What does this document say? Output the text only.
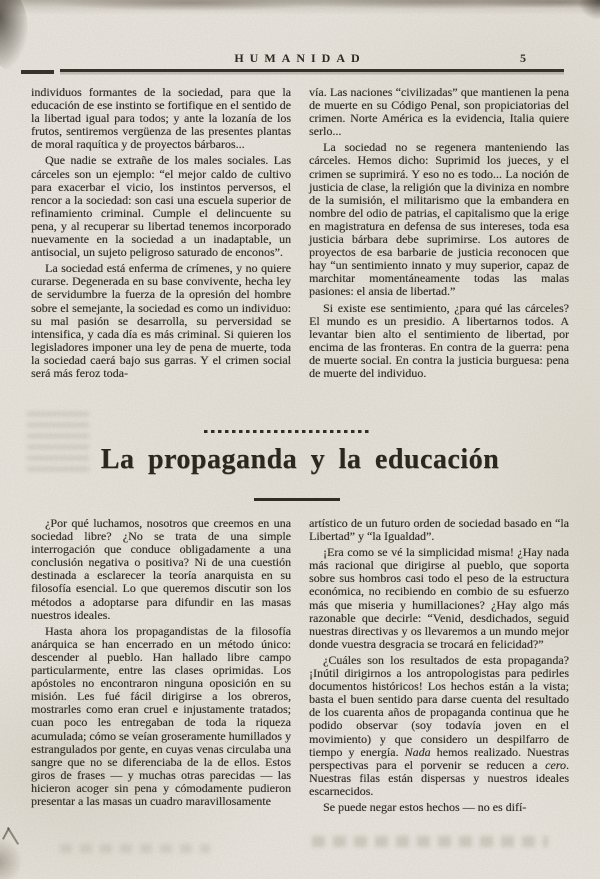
HUMANIDAD	5

individuos formantes de la sociedad, para que la educación de ese instinto se fortifique en el sentido de la libertad igual para todos; y ante la lozanía de los frutos, sentiremos vergüenza de las presentes plantas de moral raquítica y de proyectos bárbaros...

Que nadie se extrañe de los males sociales. Las cárceles son un ejemplo: “el mejor caldo de cultivo para exacerbar el vicio, los instintos perversos, el rencor a la sociedad: son casi una escuela superior de refinamiento criminal. Cumple el delincuente su pena, y al recuperar su libertad tenemos incorporado nuevamente en la sociedad a un inadaptable, un antisocial, un sujeto peligroso saturado de enconos”.

La sociedad está enferma de crímenes, y no quiere curarse. Degenerada en su base convivente, hecha ley de servidumbre la fuerza de la opresión del hombre sobre el semejante, la sociedad es como un individuo: su mal pasión se desarrolla, su perversidad se intensifica, y cada día es más criminal. Si quieren los legisladores imponer una ley de pena de muerte, toda la sociedad caerá bajo sus garras. Y el crimen social será más feroz toda-

vía. Las naciones “civilizadas” que mantienen la pena de muerte en su Código Penal, son propiciatorias del crimen. Norte América es la evidencia, Italia quiere serlo...

La sociedad no se regenera manteniendo las cárceles. Hemos dicho: Suprimid los jueces, y el crimen se suprimirá. Y eso no es todo... La noción de justicia de clase, la religión que la diviniza en nombre de la sumisión, el militarismo que la embandera en nombre del odio de patrias, el capitalismo que la erige en magistratura en defensa de sus intereses, toda esa justicia bárbara debe suprimirse. Los autores de proyectos de esa barbarie de justicia reconocen que hay “un sentimiento innato y muy superior, capaz de marchitar momentáneamente todas las malas pasiones: el ansia de libertad.”

Si existe ese sentimiento, ¿para qué las cárceles? El mundo es un presidio. A libertarnos todos. A levantar bien alto el sentimiento de libertad, por encima de las fronteras. En contra de la guerra: pena de muerte social. En contra la justicia burguesa: pena de muerte del individuo.

La propaganda y la educación

¿Por qué luchamos, nosotros que creemos en una sociedad libre? ¿No se trata de una simple interrogación que conduce obligadamente a una conclusión negativa o positiva? Ni de una cuestión destinada a esclarecer la teoría anarquista en su filosofía esencial. Lo que queremos discutir son los métodos a adoptarse para difundir en las masas nuestros ideales.

Hasta ahora los propagandistas de la filosofía anárquica se han encerrado en un método único: descender al pueblo. Han hallado libre campo particularmente, entre las clases oprimidas. Los apóstoles no encontraron ninguna oposición en su misión. Les fué fácil dirigirse a los obreros, mostrarles como eran cruel e injustamente tratados; cuan poco les entregaban de toda la riqueza acumulada; cómo se veían groseramente humillados y estrangulados por gente, en cuyas venas circulaba una sangre que no se diferenciaba de la de ellos. Estos giros de frases — y muchas otras parecidas — las hicieron acoger sin pena y cómodamente pudieron presentar a las masas un cuadro maravillosamente

artístico de un futuro orden de sociedad basado en “la Libertad” y “la Igualdad”.

¡Era como se vé la simplicidad misma! ¿Hay nada más racional que dirigirse al pueblo, que soporta sobre sus hombros casi todo el peso de la estructura económica, no recibiendo en combio de su esfuerzo más que miseria y humillaciones? ¿Hay algo más razonable que decirle: “Venid, desdichados, seguid nuestras directivas y os llevaremos a un mundo mejor donde vuestra desgracia se trocará en felicidad?”

¿Cuáles son los resultados de esta propaganda? ¡Inútil dirigirnos a los antropologistas para pedirles documentos históricos! Los hechos están a la vista; basta el buen sentido para darse cuenta del resultado de los cuarenta años de propaganda continua que he podido observar (soy todavía joven en el movimiento) y que considero un despilfarro de tiempo y energía. Nada hemos realizado. Nuestras perspectivas para el porvenir se reducen a cero. Nuestras filas están dispersas y nuestros ideales escarnecidos.

Se puede negar estos hechos — no es difí-
